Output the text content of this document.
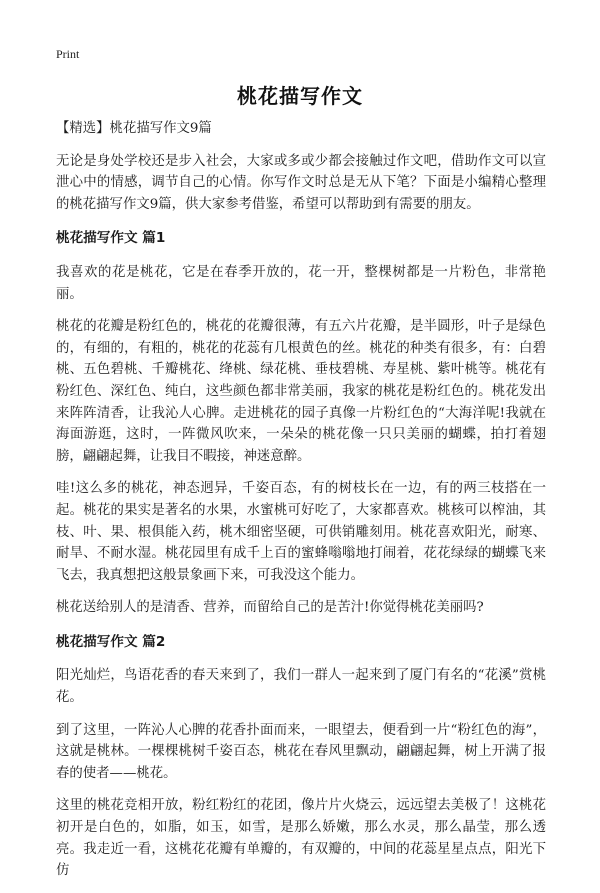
Print
桃花描写作文

【精选】桃花描写作文9篇

无论是身处学校还是步入社会，大家或多或少都会接触过作文吧，借助作文可以宣泄心中的情感，调节自己的心情。你写作文时总是无从下笔？下面是小编精心整理的桃花描写作文9篇，供大家参考借鉴，希望可以帮助到有需要的朋友。

桃花描写作文 篇1

我喜欢的花是桃花，它是在春季开放的，花一开，整棵树都是一片粉色，非常艳丽。

桃花的花瓣是粉红色的，桃花的花瓣很薄，有五六片花瓣，是半圆形，叶子是绿色的，有细的，有粗的，桃花的花蕊有几根黄色的丝。桃花的种类有很多，有：白碧桃、五色碧桃、千瓣桃花、绛桃、绿花桃、垂枝碧桃、寿星桃、紫叶桃等。桃花有粉红色、深红色、纯白，这些颜色都非常美丽，我家的桃花是粉红色的。桃花发出来阵阵清香，让我沁人心脾。走进桃花的园子真像一片粉红色的“大海洋呢!我就在海面游逛，这时，一阵微风吹来，一朵朵的桃花像一只只美丽的蝴蝶，拍打着翅膀，翩翩起舞，让我目不暇接，神迷意醉。

哇!这么多的桃花，神态迥异，千姿百态，有的树枝长在一边，有的两三枝搭在一起。桃花的果实是著名的水果，水蜜桃可好吃了，大家都喜欢。桃核可以榨油，其枝、叶、果、根俱能入药，桃木细密坚硬，可供销雕刻用。桃花喜欢阳光，耐寒、耐旱、不耐水湿。桃花园里有成千上百的蜜蜂嗡嗡地打闹着，花花绿绿的蝴蝶飞来飞去，我真想把这般景象画下来，可我没这个能力。

桃花送给别人的是清香、营养，而留给自己的是苦汁!你觉得桃花美丽吗?

桃花描写作文 篇2

阳光灿烂，鸟语花香的春天来到了，我们一群人一起来到了厦门有名的“花溪”赏桃花。

到了这里，一阵沁人心脾的花香扑面而来，一眼望去，便看到一片“粉红色的海”，这就是桃林。一棵棵桃树千姿百态，桃花在春风里飘动，翩翩起舞，树上开满了报春的使者——桃花。

这里的桃花竞相开放，粉红粉红的花团，像片片火烧云，远远望去美极了！这桃花初开是白色的，如脂，如玉，如雪，是那么娇嫩，那么水灵，那么晶莹，那么透亮。我走近一看，这桃花花瓣有单瓣的，有双瓣的，中间的花蕊星星点点，阳光下仿
